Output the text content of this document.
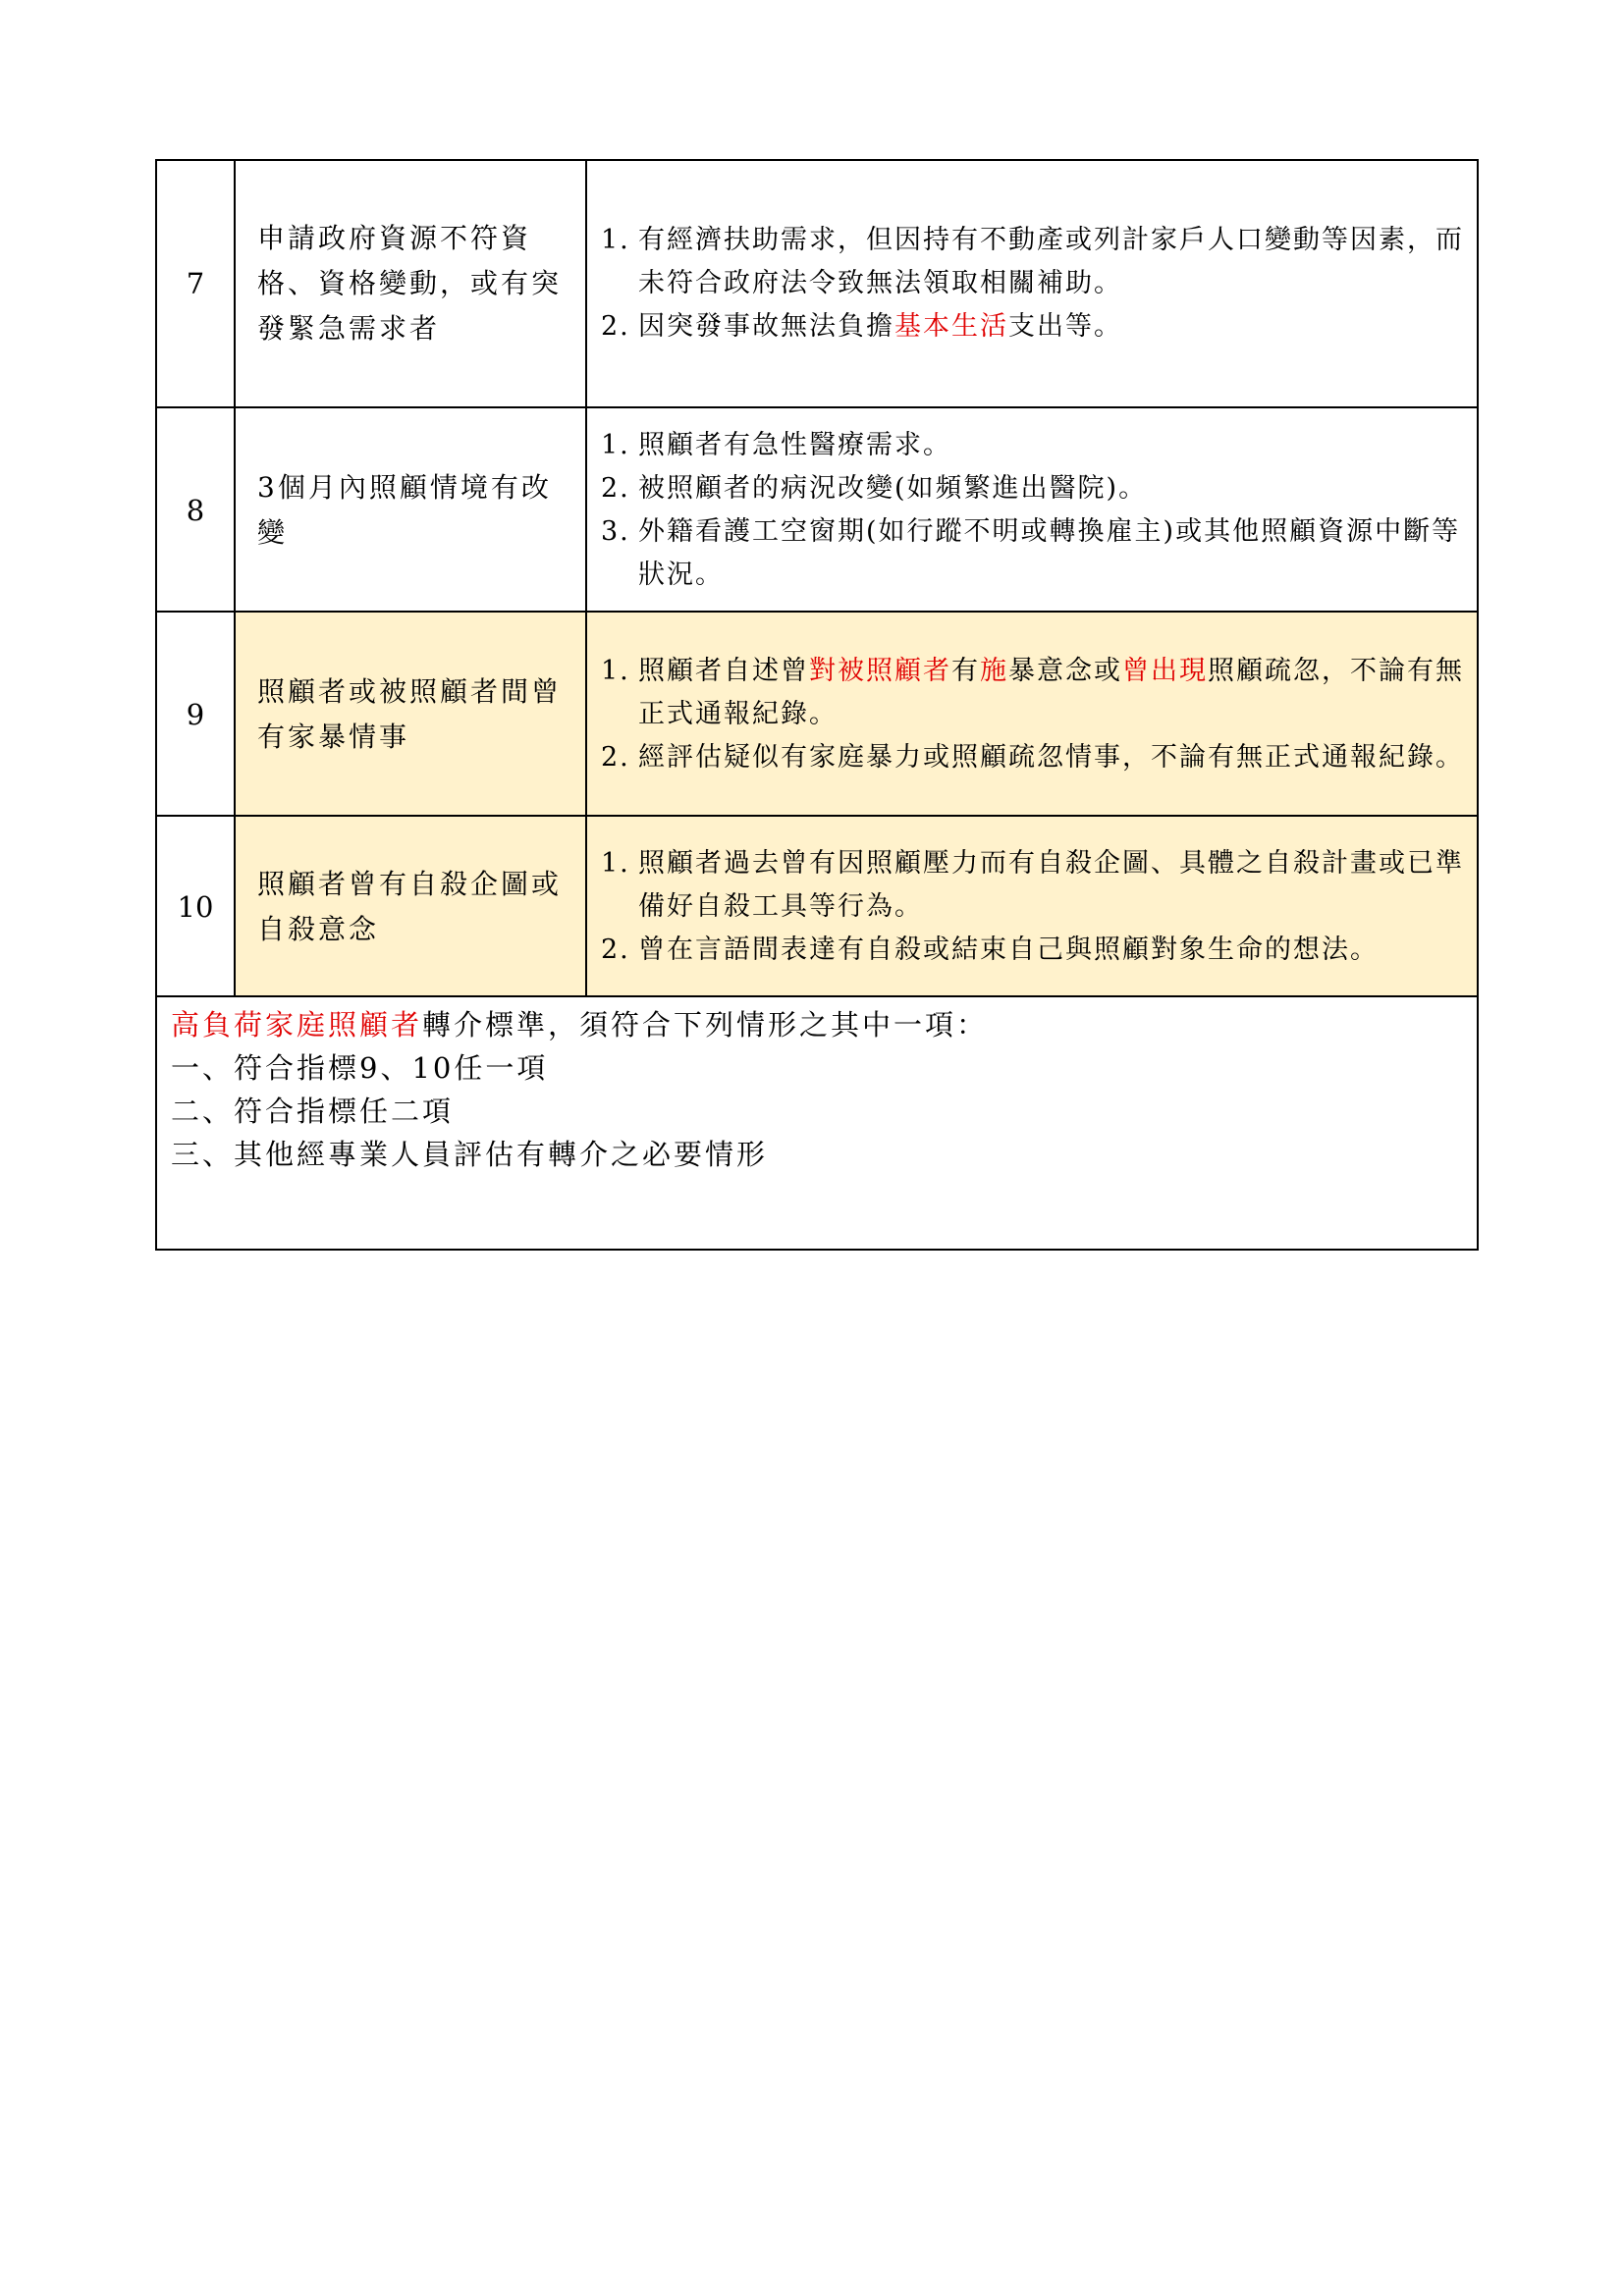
7
申請政府資源不符資格、資格變動，或有突發緊急需求者
1. 有經濟扶助需求，但因持有不動產或列計家戶人口變動等因素，而未符合政府法令致無法領取相關補助。
2. 因突發事故無法負擔基本生活支出等。
8
3個月內照顧情境有改變
1. 照顧者有急性醫療需求。
2. 被照顧者的病況改變(如頻繁進出醫院)。
3. 外籍看護工空窗期(如行蹤不明或轉換雇主)或其他照顧資源中斷等狀況。
9
照顧者或被照顧者間曾有家暴情事
1. 照顧者自述曾對被照顧者有施暴意念或曾出現照顧疏忽，不論有無正式通報紀錄。
2. 經評估疑似有家庭暴力或照顧疏忽情事，不論有無正式通報紀錄。
10
照顧者曾有自殺企圖或自殺意念
1. 照顧者過去曾有因照顧壓力而有自殺企圖、具體之自殺計畫或已準備好自殺工具等行為。
2. 曾在言語間表達有自殺或結束自己與照顧對象生命的想法。
高負荷家庭照顧者轉介標準，須符合下列情形之其中一項：
一、符合指標9、10任一項
二、符合指標任二項
三、其他經專業人員評估有轉介之必要情形
